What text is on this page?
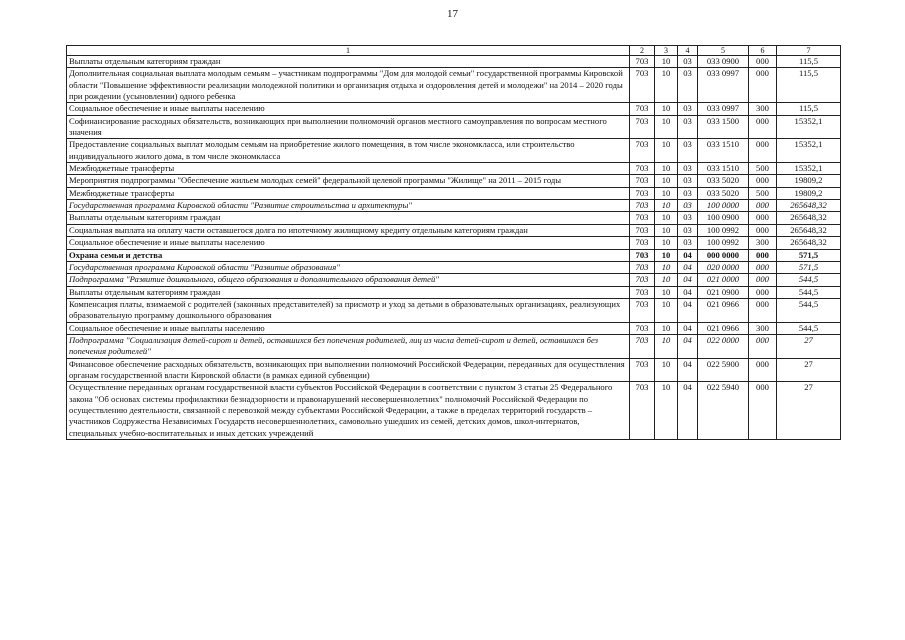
17
1	2	3	4	5	6	7
Выплаты отдельным категориям граждан	703	10	03	033 0900	000	115,5
Дополнительная социальная выплата молодым семьям – участникам подпрограммы "Дом для молодой семьи" государственной программы Кировской области "Повышение эффективности реализации молодежной политики и организация отдыха и оздоровления детей и молодежи" на 2014 – 2020 годы при рождении (усыновлении) одного ребенка	703	10	03	033 0997	000	115,5
Социальное обеспечение и иные выплаты населению	703	10	03	033 0997	300	115,5
Софинансирование расходных обязательств, возникающих при выполнении полномочий органов местного самоуправления по вопросам местного значения	703	10	03	033 1500	000	15352,1
Предоставление социальных выплат молодым семьям на приобретение жилого помещения, в том числе экономкласса, или строительство индивидуального жилого дома, в том числе экономкласса	703	10	03	033 1510	000	15352,1
Межбюджетные трансферты	703	10	03	033 1510	500	15352,1
Мероприятия подпрограммы "Обеспечение жильем молодых семей" федеральной целевой программы "Жилище" на 2011 – 2015 годы	703	10	03	033 5020	000	19809,2
Межбюджетные трансферты	703	10	03	033 5020	500	19809,2
Государственная программа Кировской области "Развитие строительства и архитектуры"	703	10	03	100 0000	000	265648,32
Выплаты отдельным категориям граждан	703	10	03	100 0900	000	265648,32
Социальная выплата на оплату части оставшегося долга по ипотечному жилищному кредиту отдельным категориям граждан	703	10	03	100 0992	000	265648,32
Социальное обеспечение и иные выплаты населению	703	10	03	100 0992	300	265648,32
Охрана семьи и детства	703	10	04	000 0000	000	571,5
Государственная программа Кировской области "Развитие образования"	703	10	04	020 0000	000	571,5
Подпрограмма "Развитие дошкольного, общего образования и дополнительного образования детей"	703	10	04	021 0000	000	544,5
Выплаты отдельным категориям граждан	703	10	04	021 0900	000	544,5
Компенсация платы, взимаемой с родителей (законных представителей) за присмотр и уход за детьми в образовательных организациях, реализующих образовательную программу дошкольного образования	703	10	04	021 0966	000	544,5
Социальное обеспечение и иные выплаты населению	703	10	04	021 0966	300	544,5
Подпрограмма "Социализация детей-сирот и детей, оставшихся без попечения родителей, лиц из числа детей-сирот и детей, оставшихся без попечения родителей"	703	10	04	022 0000	000	27
Финансовое обеспечение расходных обязательств, возникающих при выполнении полномочий Российской Федерации, переданных для осуществления органам государственной власти Кировской области (в рамках единой субвенции)	703	10	04	022 5900	000	27
Осуществление переданных органам государственной власти субъектов Российской Федерации в соответствии с пунктом 3 статьи 25 Федерального закона "Об основах системы профилактики безнадзорности и правонарушений несовершеннолетних" полномочий Российской Федерации по осуществлению деятельности, связанной с перевозкой между субъектами Российской Федерации, а также в пределах территорий государств – участников Содружества Независимых Государств несовершеннолетних, самовольно ушедших из семей, детских домов, школ-интернатов, специальных учебно-воспитательных и иных детских учреждений	703	10	04	022 5940	000	27
